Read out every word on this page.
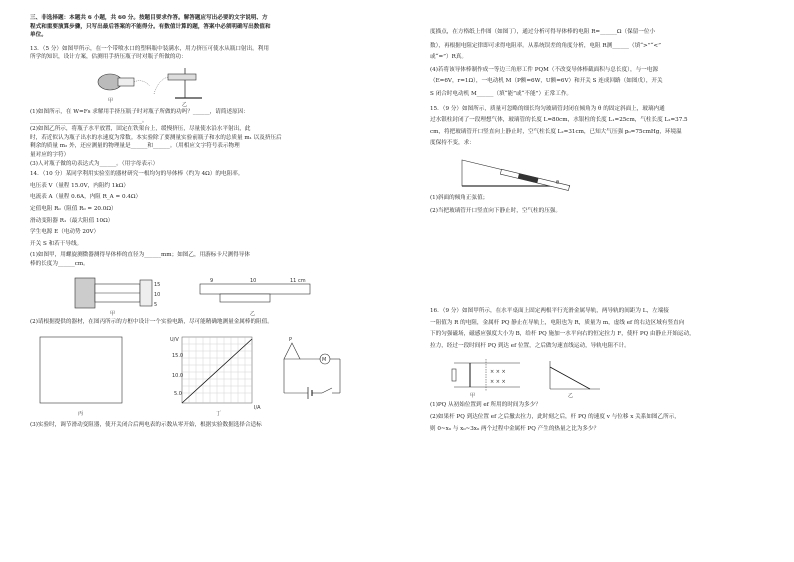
三、非选择题：本题共 6 小题，共 60 分。按题目要求作答。解答题应写出必要的文字说明、方

程式和重要演算步骤，只写出最后答案的不能得分。有数值计算的题，答案中必须明确写出数值和

单位。

13．（5 分）如图甲所示，在一个带喷水口的塑料瓶中装满水，用力挤压可使水从瓶口射出。利用

所学的知识，设计方案，估测用手挤压瓶子时对瓶子所做的功：

甲
乙

(1)如图所示，在 W=Fs 求解用手挤压瓶子时对瓶子所做的功吗？______，请简述原因：

________________________________________。

(2)如图乙所示，将瓶子水平放置，固定在铁架台上，缓慢挤压，尽量使水沿水平射出，此

时，若近似认为瓶子出水的水速度为常数。本实验除了要测量实验前瓶子和水的总质量 m₁ 以及挤压后

剩余的质量 m₂ 外，还应测量的物理量是______和______。（用相应文字符号表示物理

量对应的字符）

(3)人对瓶子做的功表达式为______。（用字母表示）

14．（10 分）某同学利用实验室的器材研究一根均匀的导体棒（约为 4Ω）的电阻率。

电压表 V（量程 15.0V，内阻约 1kΩ）

电流表 A（量程 0.6A，内阻 R_A = 0.4Ω）

定值电阻 R₀（阻值 R₀ = 20.0Ω）

滑动变阻器 R₁（最大阻值 10Ω）

学生电源 E（电动势 20V）

开关 S 和若干导线。

(1)如图甲，用螺旋测微器测得导体棒的直径为______mm；如图乙，用游标卡尺测得导体

棒的长度为______cm。

15
10
5
9	10	11 cm
甲	乙

(2)请根据提供的器材，在图丙所示的方框中设计一个实验电路，尽可能精确地测量金属棒的阻值。

U/V
I/A
15.0
10.0
5.0
P
M
丙	丁

(3)实验时，调节滑动变阻器，使开关闭合后两电表的示数从零开始，根据实验数据选择合适标

度描点，在方格纸上作图（如图丁），通过分析可得导体棒的电阻 R=______Ω（保留一位小

数），再根据电阻定律即可求得电阻率。从系统误差的角度分析，电阻 R测______（填“>”“<”

或“=”）R真。

(4)若将该导体棒制作成一等边三角形工件 PQM（不改变导体棒截面积与总长度），与一电源

（E=6V，r=1Ω），一电动机 M（P额=6W，U额=6V）和开关 S 连成回路（如图戊），开关

S 闭合时电动机 M______（填“能”或“不能”）正常工作。

15．（9 分）如图所示，质量可忽略的细长均匀玻璃管封闭在倾角为 θ 的固定斜面上，玻璃内通

过水银柱封闭了一段理想气体，玻璃管的长度 L=80cm，水银柱的长度 L₁=25cm，气柱长度 L₂=37.5

cm，将把玻璃管开口竖直向上静止时，空气柱长度 L₂=31cm，已知大气压强 p₀=75cmHg，环境温

度保持不变，求：

θ

(1)斜面的倾角正弦值；

(2)当把玻璃管开口竖直向下静止时，空气柱的压强。

16．（9 分）如图甲所示，在水平桌面上固定两根平行光滑金属导轨，两导轨的间距为 L，左端接

一阻值为 R 的电阻，金属杆 PQ 静止在导轨上，电阻也为 R，质量为 m，虚线 ef 的右边区域有竖直向

下的匀强磁场，磁感应强度大小为 B，给杆 PQ 施加一水平向右的恒定拉力 F，使杆 PQ 由静止开始运动，

拉力，经过一段时间杆 PQ 到达 ef 位置，之后做匀速直线运动，导轨电阻不计。

× × ×
× × ×
甲	乙

(1)PQ 从初始位置到 ef 所用的时间为多少？

(2)如果杆 PQ 到达位置 ef 之后撤去拉力，此时刻之后，杆 PQ 的速度 v 与位移 x 关系如图乙所示，

则 0~x₀ 与 x₀~3x₀ 两个过程中金属杆 PQ 产生的热量之比为多少？
